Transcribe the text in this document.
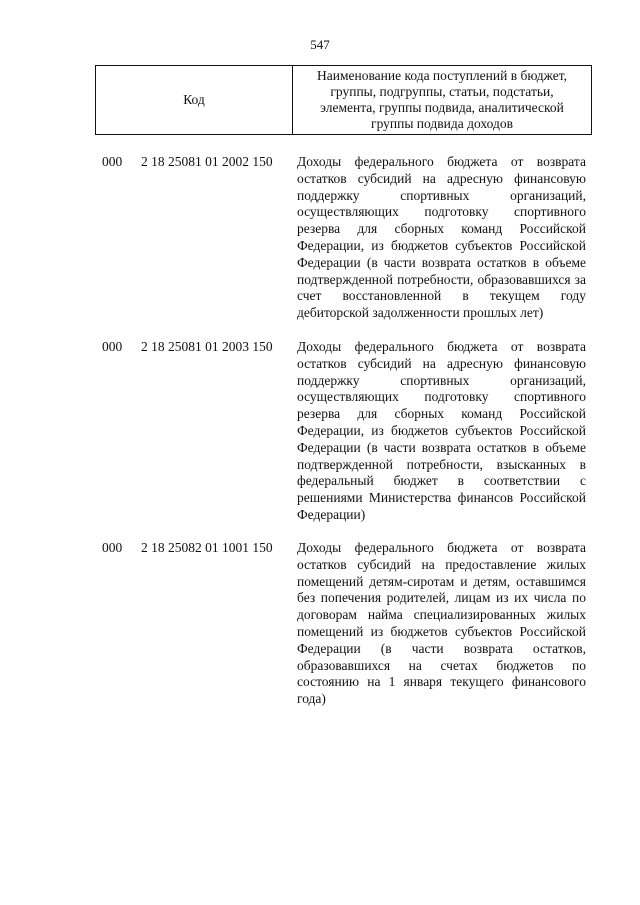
547
Код
Наименование кода поступлений в бюджет, группы, подгруппы, статьи, подстатьи, элемента, группы подвида, аналитической группы подвида доходов
000 2 18 25081 01 2002 150 Доходы федерального бюджета от возврата остатков субсидий на адресную финансовую поддержку спортивных организаций, осуществляющих подготовку спортивного резерва для сборных команд Российской Федерации, из бюджетов субъектов Российской Федерации (в части возврата остатков в объеме подтвержденной потребности, образовавшихся за счет восстановленной в текущем году дебиторской задолженности прошлых лет)
000 2 18 25081 01 2003 150 Доходы федерального бюджета от возврата остатков субсидий на адресную финансовую поддержку спортивных организаций, осуществляющих подготовку спортивного резерва для сборных команд Российской Федерации, из бюджетов субъектов Российской Федерации (в части возврата остатков в объеме подтвержденной потребности, взысканных в федеральный бюджет в соответствии с решениями Министерства финансов Российской Федерации)
000 2 18 25082 01 1001 150 Доходы федерального бюджета от возврата остатков субсидий на предоставление жилых помещений детям-сиротам и детям, оставшимся без попечения родителей, лицам из их числа по договорам найма специализированных жилых помещений из бюджетов субъектов Российской Федерации (в части возврата остатков, образовавшихся на счетах бюджетов по состоянию на 1 января текущего финансового года)
